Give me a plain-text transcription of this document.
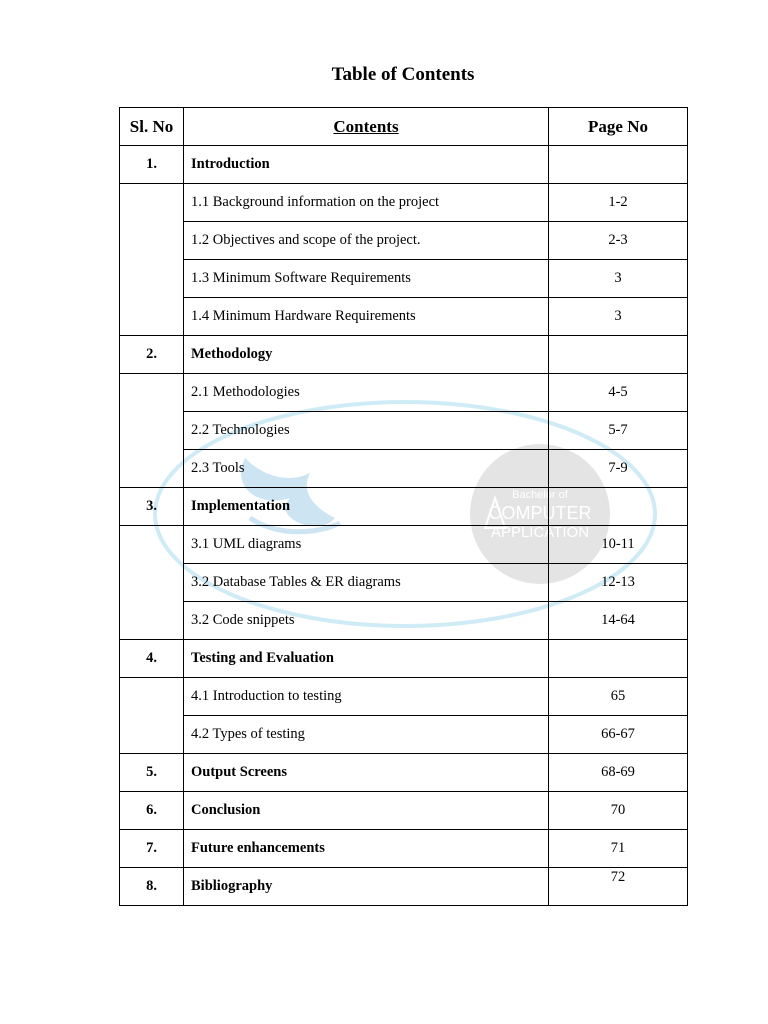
Table of Contents
Bachelor of
COMPUTER
APPLICATION
Sl. No	Contents	Page No
1.	Introduction	
	1.1 Background information on the project	1-2
	1.2 Objectives and scope of the project.	2-3
	1.3 Minimum Software Requirements	3
	1.4 Minimum Hardware Requirements	3
2.	Methodology	
	2.1 Methodologies	4-5
	2.2 Technologies	5-7
	2.3 Tools	7-9
3.	Implementation	
	3.1 UML diagrams	10-11
	3.2 Database Tables & ER diagrams	12-13
	3.2 Code snippets	14-64
4.	Testing and Evaluation	
	4.1 Introduction to testing	65
	4.2 Types of testing	66-67
5.	Output Screens	68-69
6.	Conclusion	70
7.	Future enhancements	71
8.	Bibliography	72
